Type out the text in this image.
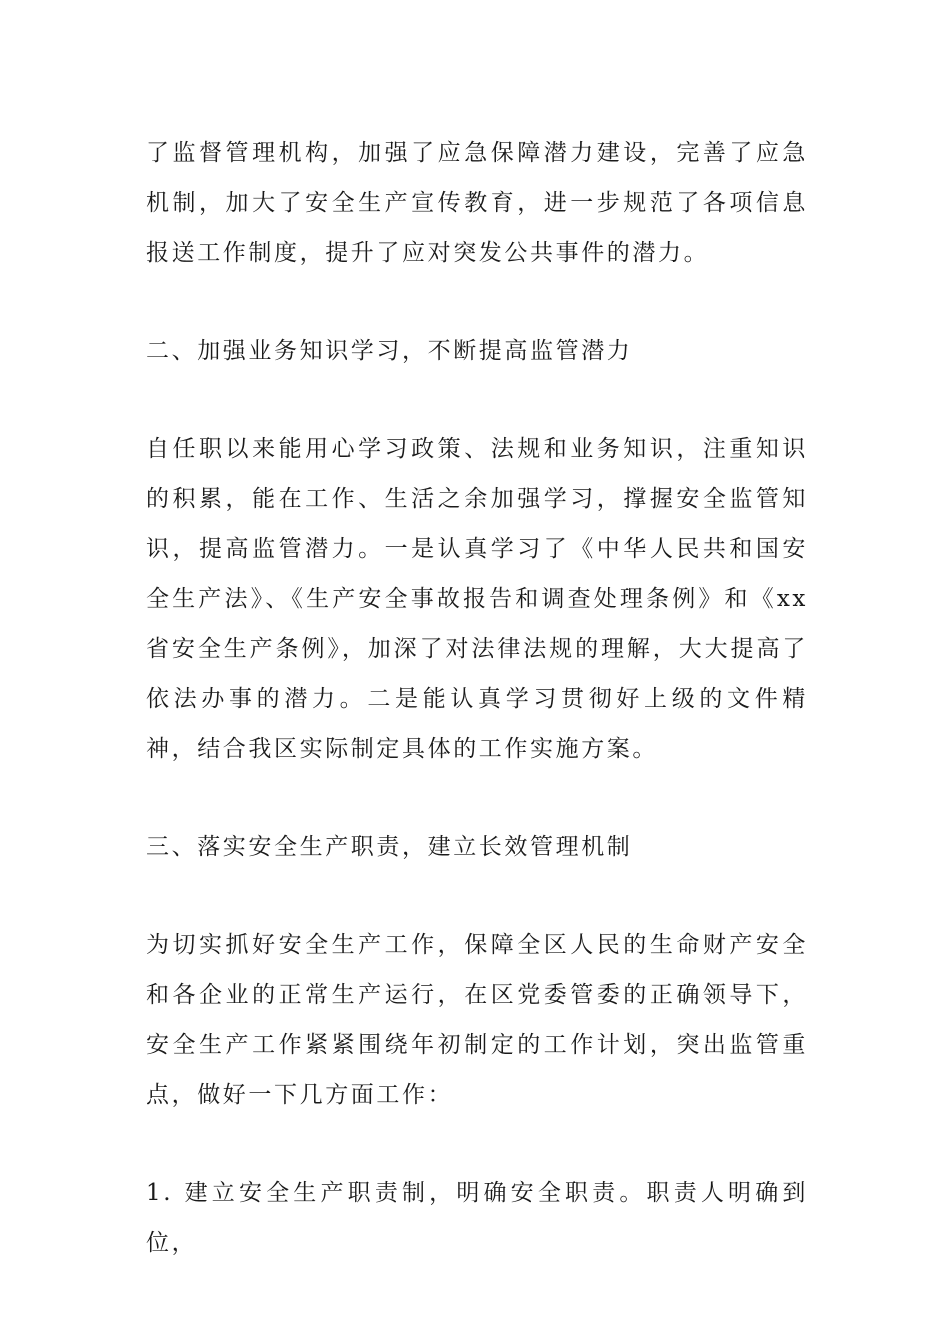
了监督管理机构，加强了应急保障潜力建设，完善了应急机制，加大了安全生产宣传教育，进一步规范了各项信息报送工作制度，提升了应对突发公共事件的潜力。

二、加强业务知识学习，不断提高监管潜力

自任职以来能用心学习政策、法规和业务知识，注重知识的积累，能在工作、生活之余加强学习，撑握安全监管知识，提高监管潜力。一是认真学习了《中华人民共和国安全生产法》、《生产安全事故报告和调查处理条例》和《xx省安全生产条例》，加深了对法律法规的理解，大大提高了依法办事的潜力。二是能认真学习贯彻好上级的文件精神，结合我区实际制定具体的工作实施方案。

三、落实安全生产职责，建立长效管理机制

为切实抓好安全生产工作，保障全区人民的生命财产安全和各企业的正常生产运行，在区党委管委的正确领导下，安全生产工作紧紧围绕年初制定的工作计划，突出监管重点，做好一下几方面工作：

1. 建立安全生产职责制，明确安全职责。职责人明确到位，
